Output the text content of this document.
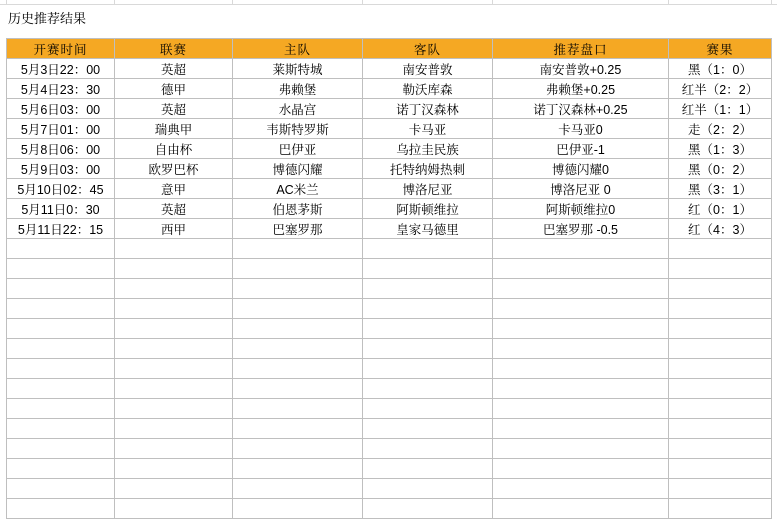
历史推荐结果
开赛时间	联赛	主队	客队	推荐盘口	赛果
5月3日22：00	英超	莱斯特城	南安普敦	南安普敦+0.25	黑（1：0）
5月4日23：30	德甲	弗赖堡	勒沃库森	弗赖堡+0.25	红半（2：2）
5月6日03：00	英超	水晶宫	诺丁汉森林	诺丁汉森林+0.25	红半（1：1）
5月7日01：00	瑞典甲	韦斯特罗斯	卡马亚	卡马亚0	走（2：2）
5月8日06：00	自由杯	巴伊亚	乌拉圭民族	巴伊亚-1	黑（1：3）
5月9日03：00	欧罗巴杯	博德闪耀	托特纳姆热刺	博德闪耀0	黑（0：2）
5月10日02：45	意甲	AC米兰	博洛尼亚	博洛尼亚 0	黑（3：1）
5月11日0：30	英超	伯恩茅斯	阿斯顿维拉	阿斯顿维拉0	红（0：1）
5月11日22：15	西甲	巴塞罗那	皇家马德里	巴塞罗那 -0.5	红（4：3）
